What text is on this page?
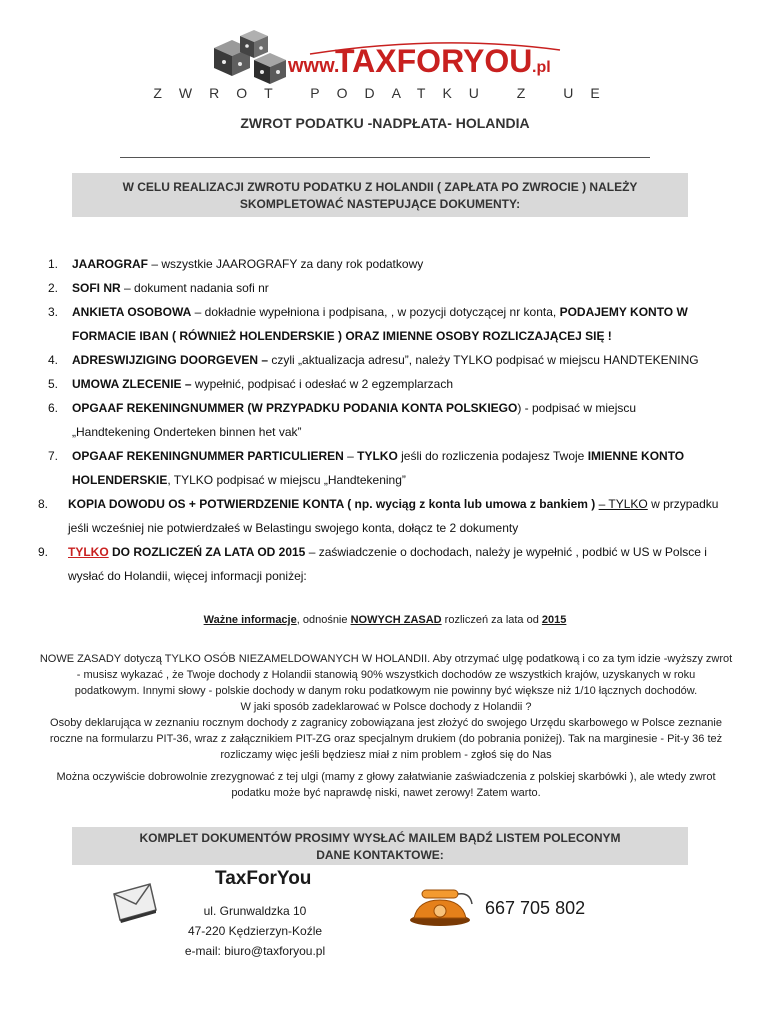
www.
TAXFORYOU .pl
ZWROT PODATKU Z UE
ZWROT PODATKU -NADPŁATA- HOLANDIA
W CELU REALIZACJI ZWROTU PODATKU Z HOLANDII ( ZAPŁATA PO ZWROCIE ) NALEŻY
SKOMPLETOWAĆ NASTEPUJĄCE DOKUMENTY:
1. JAAROGRAF – wszystkie JAAROGRAFY za dany rok podatkowy
2. SOFI NR – dokument nadania sofi nr
3. ANKIETA OSOBOWA – dokładnie wypełniona i podpisana, , w pozycji dotyczącej nr konta, PODAJEMY KONTO W
FORMACIE IBAN ( RÓWNIEŻ HOLENDERSKIE ) ORAZ IMIENNE OSOBY ROZLICZAJĄCEJ SIĘ !
4. ADRESWIJZIGING DOORGEVEN – czyli „aktualizacja adresu”, należy TYLKO podpisać w miejscu HANDTEKENING
5. UMOWA ZLECENIE – wypełnić, podpisać i odesłać w 2 egzemplarzach
6. OPGAAF REKENINGNUMMER (W PRZYPADKU PODANIA KONTA POLSKIEGO) - podpisać w miejscu
„Handtekening Onderteken binnen het vak”
7. OPGAAF REKENINGNUMMER PARTICULIEREN – TYLKO jeśli do rozliczenia podajesz Twoje IMIENNE KONTO
HOLENDERSKIE, TYLKO podpisać w miejscu „Handtekening”
8. KOPIA DOWODU OS + POTWIERDZENIE KONTA ( np. wyciąg z konta lub umowa z bankiem ) – TYLKO w przypadku
jeśli wcześniej nie potwierdzałeś w Belastingu swojego konta, dołącz te 2 dokumenty
9. TYLKO DO ROZLICZEŃ ZA LATA OD 2015 – zaświadczenie o dochodach, należy je wypełnić , podbić w US w Polsce i
wysłać do Holandii, więcej informacji poniżej:
Ważne informacje, odnośnie NOWYCH ZASAD rozliczeń za lata od 2015
NOWE ZASADY dotyczą TYLKO OSÓB NIEZAMELDOWANYCH W HOLANDII. Aby otrzymać ulgę podatkową i co za tym idzie -wyższy zwrot
- musisz wykazać , że Twoje dochody z Holandii stanowią 90% wszystkich dochodów ze wszystkich krajów, uzyskanych w roku
podatkowym. Innymi słowy - polskie dochody w danym roku podatkowym nie powinny być większe niż 1/10 łącznych dochodów.
W jaki sposób zadeklarować w Polsce dochody z Holandii ?
Osoby deklarująca w zeznaniu rocznym dochody z zagranicy zobowiązana jest złożyć do swojego Urzędu skarbowego w Polsce zeznanie
roczne na formularzu PIT-36, wraz z załącznikiem PIT-ZG oraz specjalnym drukiem (do pobrania poniżej). Tak na marginesie - Pit-y 36 też
rozliczamy więc jeśli będziesz miał z nim problem - zgłoś się do Nas
Można oczywiście dobrowolnie zrezygnować z tej ulgi (mamy z głowy załatwianie zaświadczenia z polskiej skarbówki ), ale wtedy zwrot
podatku może być naprawdę niski, nawet zerowy! Zatem warto.
KOMPLET DOKUMENTÓW PROSIMY WYSŁAĆ MAILEM BĄDŹ LISTEM POLECONYM
DANE KONTAKTOWE:
TaxForYou
ul. Grunwaldzka 10
47-220 Kędzierzyn-Koźle
e-mail: biuro@taxforyou.pl
667 705 802
